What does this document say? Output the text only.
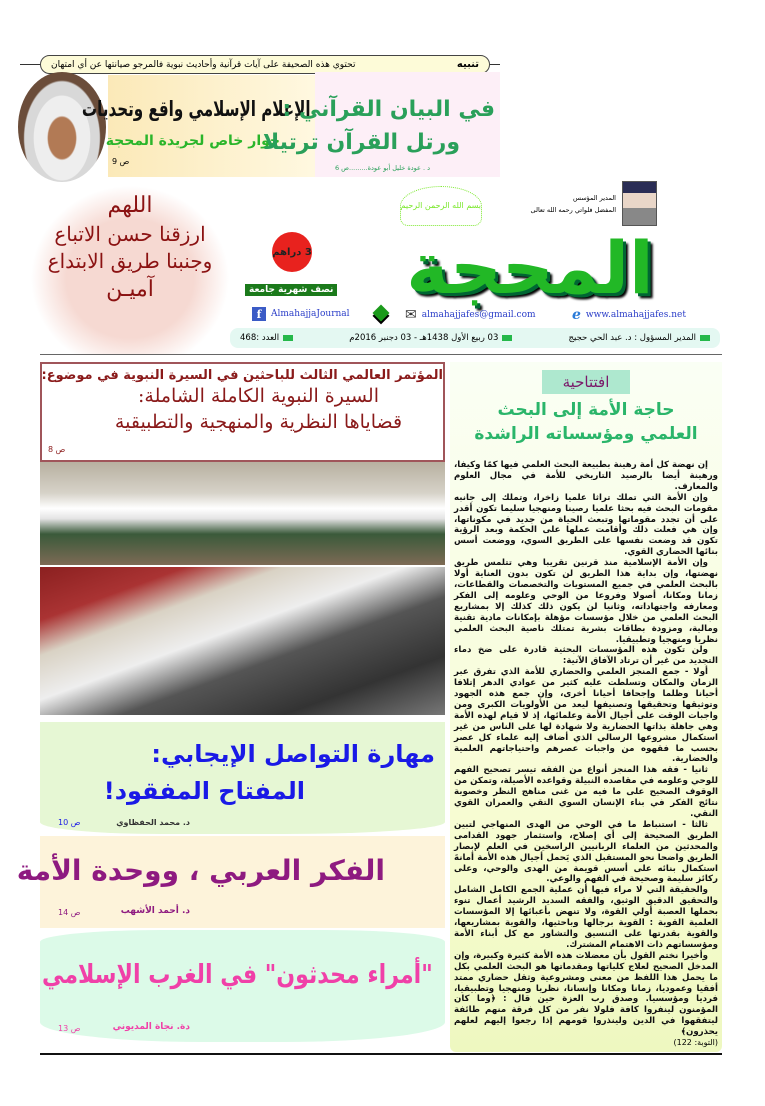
تنبيه
تحتوي هذه الصحيفة على آيات قرآنية وأحاديث نبوية فالمرجو صيانتها عن أي امتهان
الإعلام الإسلامي واقع وتحديات
حوار خاص لجريدة المحجة
ص 9
في البيان القرآني :
ورتل القرآن ترتيلا
د . عودة خليل أبو عودة.........ص 6
اللهم
ارزقنا حسن الاتباع
وجنبنا طريق الابتداع
آميـن	المحجة
3 دراهم
بسم الله الرحمن الرحيم
نصف شهرية جامعة
المدير المؤسس
المفضل فلواتي رحمه الله تعالى
f	AlmahajjaJournal	✉ almahajjafes@gmail.com	e www.almahajjafes.net
المدير المسؤول : د. عبد الحي حجيج
03 ربيع الأول 1438هـ - 03 دجنبر 2016م
العدد :468
المؤتمر العالمي الثالث للباحثين في السيرة النبوية في موضوع:
السيرة النبوية الكاملة الشاملة:
قضاياها النظرية والمنهجية والتطبيقية
ص 8
مهارة التواصل الإيجابي:
المفتاح المفقود!
د. محمد الحفظاوي
ص 10
الفكر العربي ، ووحدة الأمة
د. أحمد الأشهب
ص 14
"أمراء محدثون" في الغرب الإسلامي
دة. نجاة المديوني
ص 13
افتتاحية
حاجة الأمة إلى البحث
العلمي ومؤسساته الراشدة

إن نهضة كل أمة رهينة بطبيعة البحث العلمي فيها كمًا وكيفا، ورهينة أيضا بالرصيد التاريخي للأمة في مجال العلوم والمعارف.

وإن الأمة التي تملك تراثا علميا زاخرا، وتملك إلى جانبه مقومات البحث فيه بحثا علميا رصينا ومنهجيا سليما تكون أقدر على أن تجدد مقوماتها وتبعث الحياة من جديد في مكوناتها، وإن هي فعلت ذلك وأقامت عملها على الحكمة وبعد الرؤية تكون قد وضعت نفسها على الطريق السوي، ووضعت أسس بنائها الحضاري القوي.

وإن الأمة الإسلامية منذ قرنين تقريبا وهي تتلمس طريق نهضتها، وإن بداية هذا الطريق لن تكون بدون العناية أولا بالبحث العلمي في جميع المستويات والتخصصات والقطاعات، زمانا ومكانا، أصولا وفروعا من الوحي وعلومه إلى الفكر ومعارفه واجتهاداته، وثانيا لن يكون ذلك كذلك إلا بمشاريع البحث العلمي من خلال مؤسسات مؤهلة بإمكانات مادية تقنية ومالية، ومزودة بطاقات بشرية تمتلك ناصية البحث العلمي نظريا ومنهجيا وتطبيقيا.

ولن تكون هذه المؤسسات البحثية قادرة على ضخ دماء التجديد من غير أن ترتاد الآفاق الآتية:

أولا - جمع المنجز العلمي والحضاري للأمة الذي تفرق عبر الزمان والمكان وتسلطت عليه كثير من عوادي الدهر إتلافا أحيانا وظلما وإجحافا أحيانا أخرى، وإن جمع هذه الجهود وتوثيقها وتحقيقها وتصنيفها ليعد من الأولويات الكبرى ومن واجبات الوقت على أجيال الأمة وعلمائها، إذ لا قيام لهذه الأمة وهي جاهلة بذاتها الحضارية ولا شهادة لها على الناس من غير استكمال مشروعها الرسالي الذي أضاف إليه علماء كل عصر بحسب ما فقهوه من واجبات عصرهم واحتياجاتهم العلمية والحضارية.

ثانيا - فقه هذا المنجز أنواع من الفقه تيسر تصحيح الفهم للوحي وعلومه في مقاصده النبيلة وقواعده الأصيلة، وتمكن من الوقوف الصحيح على ما فيه من غنى مناهج النظر وخصوبة نتائج الفكر في بناء الإنسان السوي التقي والعمران القوي النقي.

ثالثا - استنباط ما في الوحي من الهدى المنهاجي لتبين الطريق الصحيحة إلى أي إصلاح، واستثمار جهود القدامى والمحدثين من العلماء الربانيين الراسخين في العلم لإبصار الطريق واضحا نحو المستقبل الذي يَحمل أجيال هذه الأمة أمانةَ استكمال بنائه على أسس قويمة من الهدى والوحي، وعلى ركائز سليمة وصحيحة في الفهم والوعي.

والحقيقة التي لا مراء فيها أن عملية الجمع الكامل الشامل والتحقيق الدقيق الوثيق، والفقه السديد الرشيد أعمال تنوء بحملها العصبة أولي القوة، ولا تنهض بأعبائها إلا المؤسسات العلمية القوية : القوية برجالها وباحثيها، والقوية بمشاريعها، والقوية بقدرتها على التنسيق والتشاور مع كل أبناء الأمة ومؤسساتهم ذات الاهتمام المشترك.

وأخيرا نختم القول بأن معضلات هذه الأمة كثيرة وكبيرة، وإن المدخل الصحيح لعلاج كلياتها ومقدماتها هو البحث العلمي بكل ما يحمل هذا اللفظ من معنى ومشروعية وثقل حضاري ممتد أفقيا وعموديا، زمانا ومكانا وإنسانا، نظريا ومنهجيا وتطبيقيا، فرديا ومؤسسيا. وصدق رب العزة حين قال : ﴿وما كان المؤمنون لينفروا كافة فلولا نفر من كل فرقة منهم طائفة ليتفقهوا في الدين ولينذروا قومهم إذا رجعوا إليهم لعلهم يحذرون﴾

(التوبة: 122)
